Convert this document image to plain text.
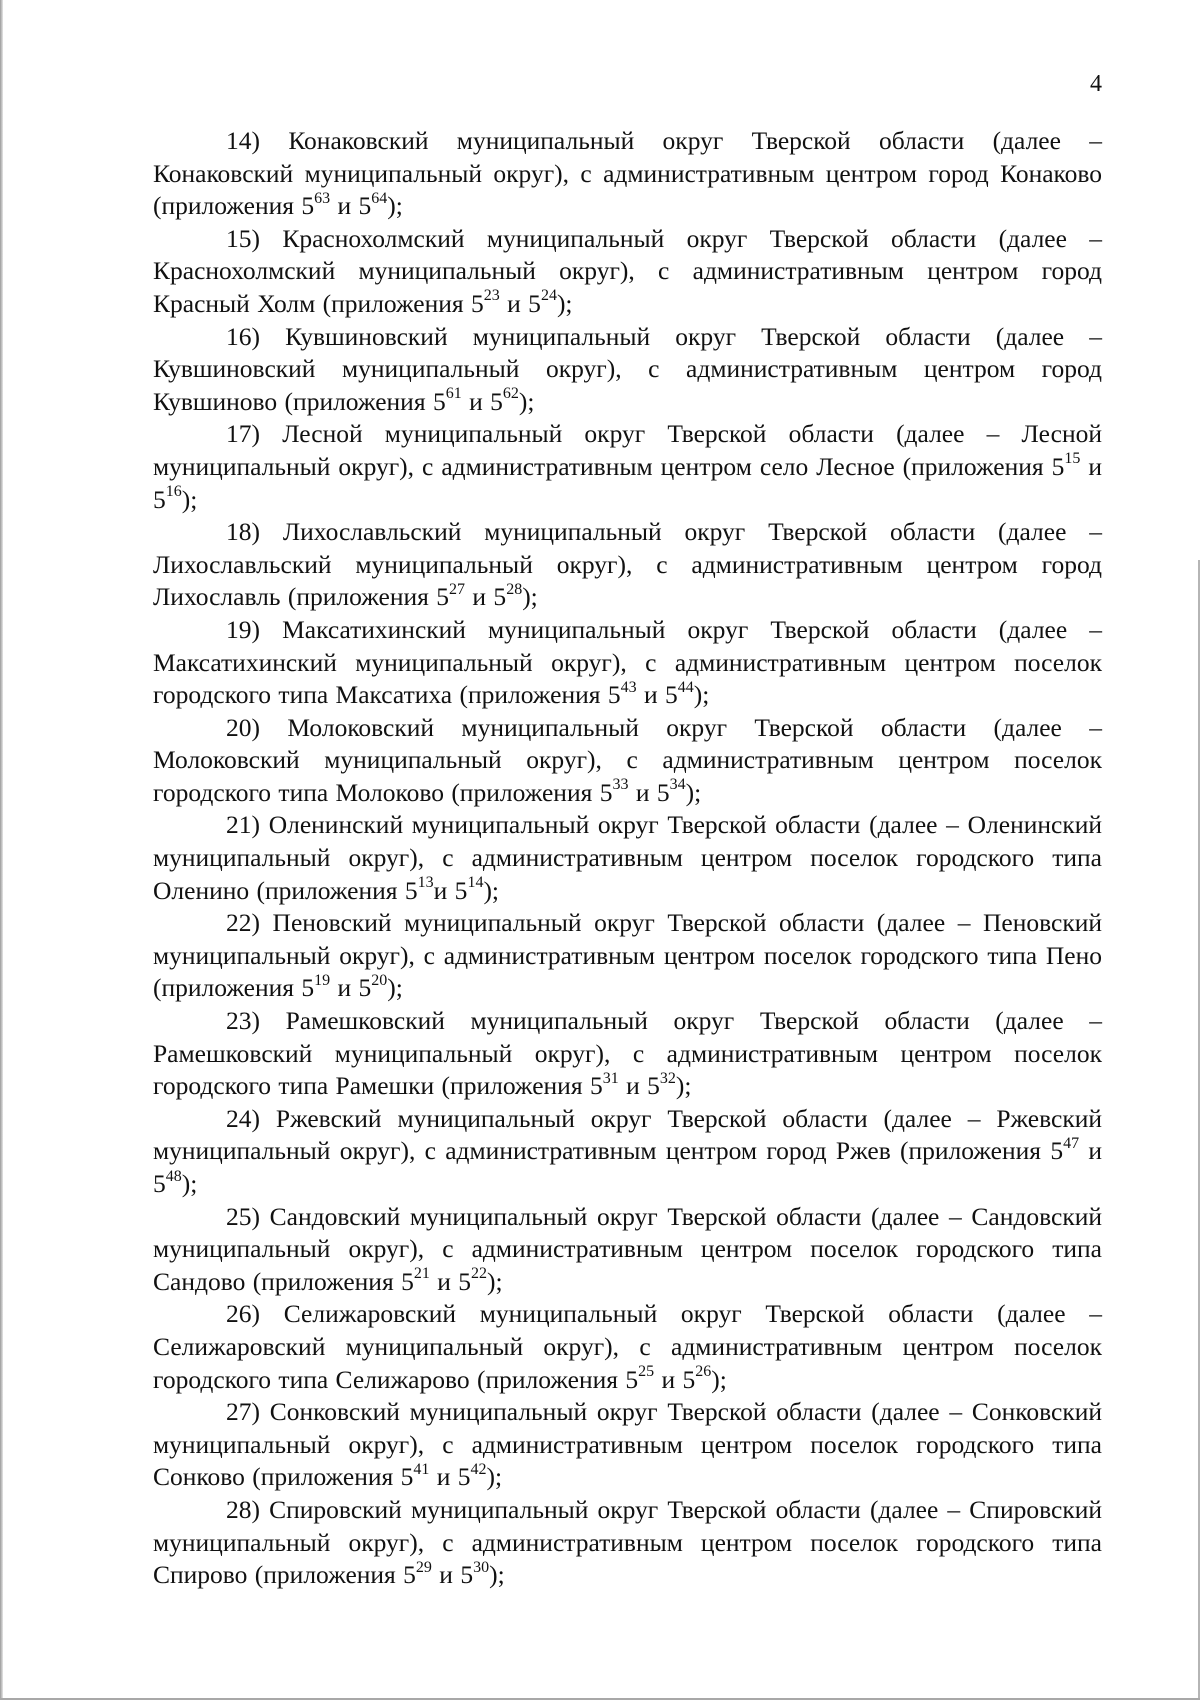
4

14) Конаковский муниципальный округ Тверской области (далее – Конаковский муниципальный округ), с административным центром город Конаково (приложения $5^{63}$ и $5^{64}$);

15) Краснохолмский муниципальный округ Тверской области (далее – Краснохолмский муниципальный округ), с административным центром город Красный Холм (приложения $5^{23}$ и $5^{24}$);

16) Кувшиновский муниципальный округ Тверской области (далее – Кувшиновский муниципальный округ), с административным центром город Кувшиново (приложения $5^{61}$ и $5^{62}$);

17) Лесной муниципальный округ Тверской области (далее – Лесной муниципальный округ), с административным центром село Лесное (приложения $5^{15}$ и $5^{16}$);

18) Лихославльский муниципальный округ Тверской области (далее – Лихославльский муниципальный округ), с административным центром город Лихославль (приложения $5^{27}$ и $5^{28}$);

19) Максатихинский муниципальный округ Тверской области (далее – Максатихинский муниципальный округ), с административным центром поселок городского типа Максатиха (приложения $5^{43}$ и $5^{44}$);

20) Молоковский муниципальный округ Тверской области (далее – Молоковский муниципальный округ), с административным центром поселок городского типа Молоково (приложения $5^{33}$ и $5^{34}$);

21) Оленинский муниципальный округ Тверской области (далее – Оленинский муниципальный округ), с административным центром поселок городского типа Оленино (приложения $5^{13}и$ $5^{14}$);

22) Пеновский муниципальный округ Тверской области (далее – Пеновский муниципальный округ), с административным центром поселок городского типа Пено (приложения $5^{19}$ и $5^{20}$);

23) Рамешковский муниципальный округ Тверской области (далее – Рамешковский муниципальный округ), с административным центром поселок городского типа Рамешки (приложения $5^{31}$ и $5^{32}$);

24) Ржевский муниципальный округ Тверской области (далее – Ржевский муниципальный округ), с административным центром город Ржев (приложения $5^{47}$ и $5^{48}$);

25) Сандовский муниципальный округ Тверской области (далее – Сандовский муниципальный округ), с административным центром поселок городского типа Сандово (приложения $5^{21}$ и $5^{22}$);

26) Селижаровский муниципальный округ Тверской области (далее – Селижаровский муниципальный округ), с административным центром поселок городского типа Селижарово (приложения $5^{25}$ и $5^{26}$);

27) Сонковский муниципальный округ Тверской области (далее – Сонковский муниципальный округ), с административным центром поселок городского типа Сонково (приложения $5^{41}$ и $5^{42}$);

28) Спировский муниципальный округ Тверской области (далее – Спировский муниципальный округ), с административным центром поселок городского типа Спирово (приложения $5^{29}$ и $5^{30}$);
